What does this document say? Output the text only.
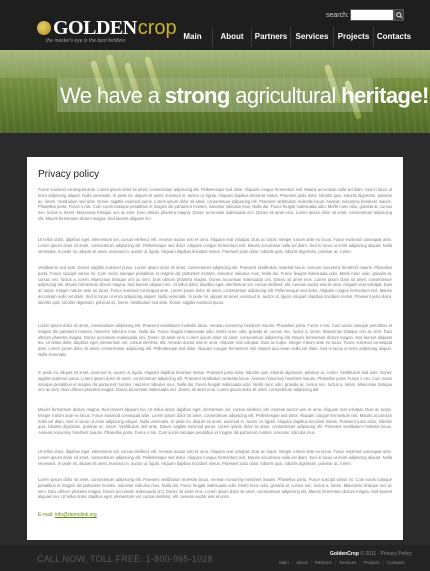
GOLDEN crop
the master's eye is the best fertilizer
search:
Main	About	Partners	Services	Projects Contacts
We have a strong agricultural heritage!
Privacy policy

Fusce euismod consequat ante. Lorem ipsum dolor sit amet, consectetuer adipiscing elit. Pellentesque sed dolor. Aliquam congue fermentum nisl. Mauris accumsan nulla vel diam. Sed in lacus ut enim adipiscing aliquet. Nulla venenatis. In pede mi, aliquet sit amet, euismod in, auctor ut, ligula. Aliquam dapibus tincidunt metus. Praesent justo dolor, lobortis quis, lobortis dignissim, pulvinar ac, lorem. Vestibulum sed ante. Donec sagittis euismod purus. Lorem ipsum dolor sit amet, consectetuer adipiscing elit. Praesent vestibulum molestie lacus. Aenean nonummy hendrerit mauris. Phasellus porta. Fusce s nisi. Cum sociis natoque penatibus et magnis dis parturient montes, nascetur ridiculus mus. Nulla dui. Fusce feugiat malesuada odio. Morbi nunc odio, gravida at, cursus nec, luctus a, lorem. Maecenas tristique orci ac sem. Duis ultrices pharetra magna. Donec accumsan malesuada orci. Donec sit amet eros. Lorem ipsum dolor sit amet, consectetuer adipiscing elit. Mauris fermentum dictum magna. Sed laoreet aliquam leo.

Ut tellus dolor, dapibus eget, elementum vel, cursus eleifend, elit. Aenean auctor wisi et urna. Aliquam erat volutpat. Duis ac turpis. Integer rutrum ante eu lacus. Fusce euismod consequat ante. Lorem ipsum dolor sit amet, consectetuer adipiscing elit. Pellentesque sed dolor. Aliquam congue fermentum nisl. Mauris accumsan nulla vel diam. Sed in lacus ut enim adipiscing aliquet. Nulla venenatis. In pede mi, aliquet sit amet, euismod in, auctor ut, ligula. Aliquam dapibus tincidunt metus. Praesent justo dolor, lobortis quis, lobortis dignissim, pulvinar ac, lorem.

Vestibulum sed ante. Donec sagittis euismod purus. Lorem ipsum dolor sit amet, consectetuer adipiscing elit. Praesent vestibulum molestie lacus. Aenean nonummy hendrerit mauris. Phasellus porta. Fusce suscipit varius mi. Cum sociis natoque penatibus et magnis dis parturient montes, nascetur ridiculus mus. Nulla dui. Fusce feugiat malesuada odio. Morbi nunc odio, gravida at, cursus nec, luctus a, lorem. Maecenas tristique orci ac sem. Duis ultrices pharetra magna. Donec accumsan malesuada orci. Donec sit amet eros. Lorem ipsum dolor sit amet, consectetuer adipiscing elit. Mauris fermentum dictum magna. Sed laoreet aliquam leo. Ut tellus dolor, dapibus eget, elementum vel, cursus eleifend, elit. Aenean auctor wisi et urna. Aliquam erat volutpat. Duis ac turpis. Integer rutrum ante eu lacus. Fusce euismod consequat ante. Lorem ipsum dolor sit amet, consectetuer adipiscing elit. Pellentesque sed dolor. Aliquam congue fermentum nisl. Mauris accumsan nulla vel diam. Sed in lacus ut enim adipiscing aliquet. Nulla venenatis. In pede mi, aliquet sit amet, euismod in, auctor ut, ligula. Aliquam dapibus tincidunt metus. Praesent justo dolor, lobortis quis, lobortis dignissim, pulvinar ac, lorem. Vestibulum sed ante. Donec sagittis euismod purus.

Lorem ipsum dolor sit amet, consectetuer adipiscing elit. Praesent vestibulum molestie lacus. Aenean nonummy hendrerit mauris. Phasellus porta. Fusce s nisi. Cum sociis natoque penatibus et magnis dis parturient montes, nascetur ridiculus mus. Nulla dui. Fusce feugiat malesuada odio. Morbi nunc odio, gravida at, cursus nec, luctus a, lorem. Maecenas tristique orci ac sem. Duis ultrices pharetra magna. Donec accumsan malesuada orci. Donec sit amet eros. Lorem ipsum dolor sit amet, consectetuer adipiscing elit. Mauris fermentum dictum magna. Sed laoreet aliquam leo. Ut tellus dolor, dapibus eget, elementum vel, cursus eleifend, elit. Aenean auctor wisi et urna. Aliquam erat volutpat. Duis ac turpis. Integer rutrum ante eu lacus. Fusce euismod consequat ante. Lorem ipsum dolor sit amet, consectetuer adipiscing elit. Pellentesque sed dolor. Aliquam congue fermentum nisl. Mauris accumsan nulla vel diam. Sed in lacus ut enim adipiscing aliquet. Nulla venenatis.

In pede mi, aliquet sit amet, euismod in, auctor ut, ligula. Aliquam dapibus tincidunt metus. Praesent justo dolor, lobortis quis, lobortis dignissim, pulvinar ac, lorem. Vestibulum sed ante. Donec sagittis euismod purus. Lorem ipsum dolor sit amet, consectetuer adipiscing elit. Praesent vestibulum molestie lacus. Aenean nonummy hendrerit mauris. Phasellus porta. Fusce s nisi. Cum sociis natoque penatibus et magnis dis parturient montes, nascetur ridiculus mus. Nulla dui. Fusce feugiat malesuada odio. Morbi nunc odio, gravida at, cursus nec, luctus a, lorem. Maecenas tristique orci ac sem. Duis ultrices pharetra magna. Donec accumsan malesuada orci. Donec sit amet eros. Lorem ipsum dolor sit amet, consectetuer adipiscing elit.

Mauris fermentum dictum magna. Sed laoreet aliquam leo. Ut tellus dolor, dapibus eget, elementum vel, cursus eleifend, elit. Aenean auctor wisi et urna. Aliquam erat volutpat. Duis ac turpis. Integer rutrum ante eu lacus. Fusce euismod consequat ante. Lorem ipsum dolor sit amet, consectetuer adipiscing elit. Pellentesque sed dolor. Aliquam congue fermentum nisl. Mauris accumsan nulla vel diam. Sed in lacus ut enim adipiscing aliquet. Nulla venenatis. In pede mi, aliquet sit amet, euismod in, auctor ut, ligula. Aliquam dapibus tincidunt metus. Praesent justo dolor, lobortis quis, lobortis dignissim, pulvinar ac, lorem. Vestibulum sed ante. Donec sagittis euismod purus. Lorem ipsum dolor sit amet, consectetuer adipiscing elit. Praesent vestibulum molestie lacus. Aenean nonummy hendrerit mauris. Phasellus porta. Fusce s nisi. Cum sociis natoque penatibus et magnis dis parturient montes, nascetur ridiculus mus.

Ut tellus dolor, dapibus eget, elementum vel, cursus eleifend, elit. Aenean auctor wisi et urna. Aliquam erat volutpat. Duis ac turpis. Integer rutrum ante eu lacus. Fusce euismod consequat ante. Lorem ipsum dolor sit amet, consectetuer adipiscing elit. Pellentesque sed dolor. Aliquam congue fermentum nisl. Mauris accumsan nulla vel diam. Sed in lacus ut enim adipiscing aliquet. Nulla venenatis. In pede mi, aliquet sit amet, euismod in, auctor ut, ligula. Aliquam dapibus tincidunt metus. Praesent justo dolor, lobortis quis, lobortis dignissim, pulvinar ac, lorem.

Lorem ipsum dolor sit amet, consectetuer adipiscing elit. Praesent vestibulum molestie lacus. Aenean nonummy hendrerit mauris. Phasellus porta. Fusce suscipit varius mi. Cum sociis natoque penatibus et magnis dis parturient montes, nascetur ridiculus mus. Nulla dui. Fusce feugiat malesuada odio. Morbi nunc odio, gravida at, cursus nec, luctus a, lorem. Maecenas tristique orci ac sem. Duis ultrices pharetra magna. Donec accumsan malesuada orci. Donec sit amet eros. Lorem ipsum dolor sit amet, consectetuer adipiscing elit. Mauris fermentum dictum magna. Sed laoreet aliquam leo. Ut tellus dolor, dapibus eget, elementum vel, cursus eleifend, elit. Aenean auctor wisi et urna.

E-mail: info@demolink.org
CALL NOW, TOLL FREE: 1-800-995-1028	GoldenCrop © 2011 · Privacy Policy
Main | About | Partners | Services | Projects | Contacts
